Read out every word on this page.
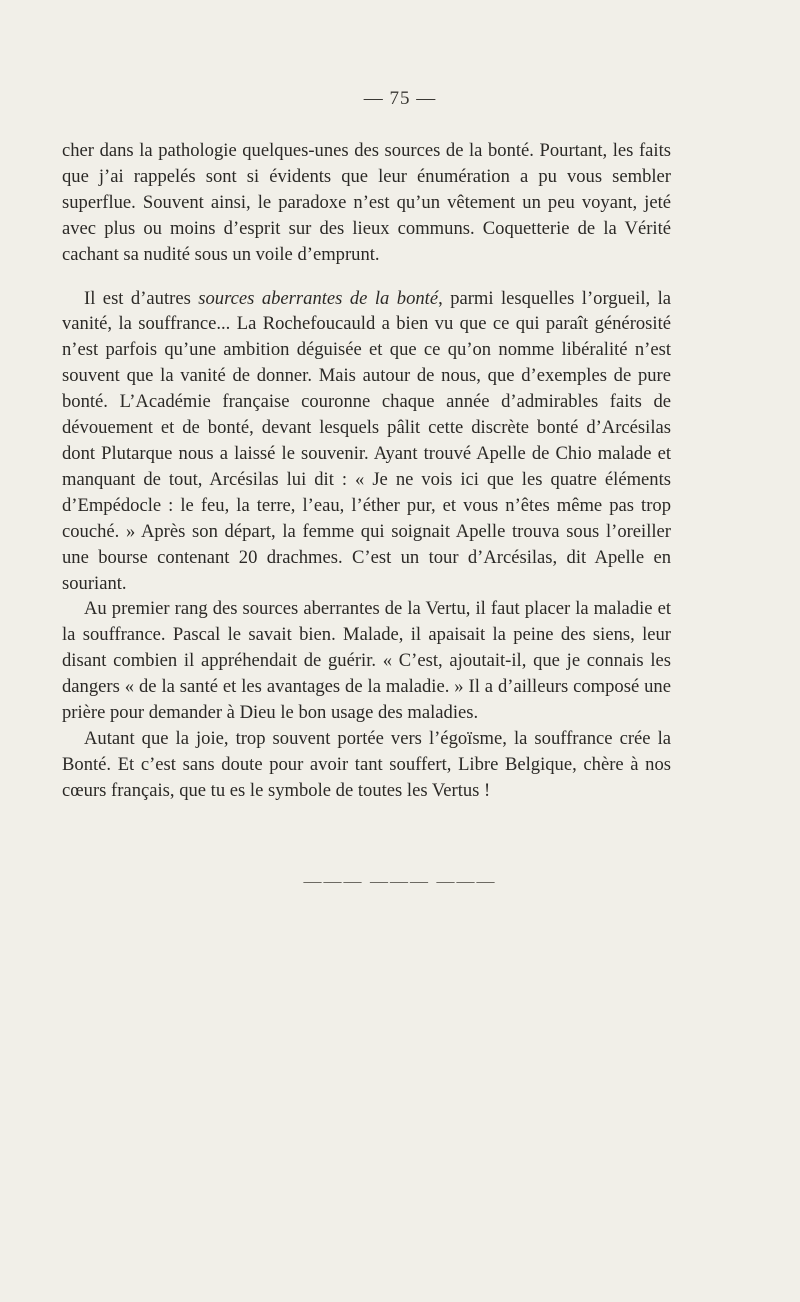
— 75 —

cher dans la pathologie quelques-unes des sources de la bonté. Pourtant, les faits que j’ai rappelés sont si évidents que leur énumération a pu vous sembler superflue. Souvent ainsi, le paradoxe n’est qu’un vêtement un peu voyant, jeté avec plus ou moins d’esprit sur des lieux communs. Coquetterie de la Vérité cachant sa nudité sous un voile d’emprunt.

Il est d’autres sources aberrantes de la bonté, parmi lesquelles l’orgueil, la vanité, la souffrance... La Rochefoucauld a bien vu que ce qui paraît générosité n’est parfois qu’une ambition déguisée et que ce qu’on nomme libéralité n’est souvent que la vanité de donner. Mais autour de nous, que d’exemples de pure bonté. L’Académie française couronne chaque année d’admirables faits de dévouement et de bonté, devant lesquels pâlit cette discrète bonté d’Arcésilas dont Plutarque nous a laissé le souvenir. Ayant trouvé Apelle de Chio malade et manquant de tout, Arcésilas lui dit : « Je ne vois ici que les quatre éléments d’Empédocle : le feu, la terre, l’eau, l’éther pur, et vous n’êtes même pas trop couché. » Après son départ, la femme qui soignait Apelle trouva sous l’oreiller une bourse contenant 20 drachmes. C’est un tour d’Arcésilas, dit Apelle en souriant.

Au premier rang des sources aberrantes de la Vertu, il faut placer la maladie et la souffrance. Pascal le savait bien. Malade, il apaisait la peine des siens, leur disant combien il appréhendait de guérir. « C’est, ajoutait-il, que je connais les dangers « de la santé et les avantages de la maladie. » Il a d’ailleurs composé une prière pour demander à Dieu le bon usage des maladies.

Autant que la joie, trop souvent portée vers l’égoïsme, la souffrance crée la Bonté. Et c’est sans doute pour avoir tant souffert, Libre Belgique, chère à nos cœurs français, que tu es le symbole de toutes les Vertus !

——— ——— ———
